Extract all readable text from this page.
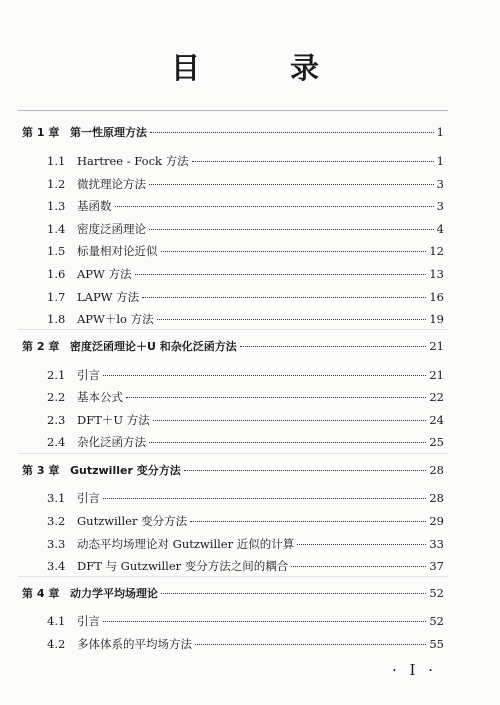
目 录
第 1 章 第一性原理方法	1
1.1	Hartree - Fock 方法	1
1.2	微扰理论方法	3
1.3	基函数	3
1.4	密度泛函理论	4
1.5	标量相对论近似	12
1.6	APW 方法	13
1.7	LAPW 方法	16
1.8	APW＋lo 方法	19
第 2 章 密度泛函理论＋U 和杂化泛函方法	21
2.1	引言	21
2.2	基本公式	22
2.3	DFT＋U 方法	24
2.4	杂化泛函方法	25
第 3 章 Gutzwiller 变分方法	28
3.1	引言	28
3.2	Gutzwiller 变分方法	29
3.3	动态平均场理论对 Gutzwiller 近似的计算	33
3.4	DFT 与 Gutzwiller 变分方法之间的耦合	37
第 4 章 动力学平均场理论	52
4.1	引言	52
4.2	多体体系的平均场方法	55
· I ·
